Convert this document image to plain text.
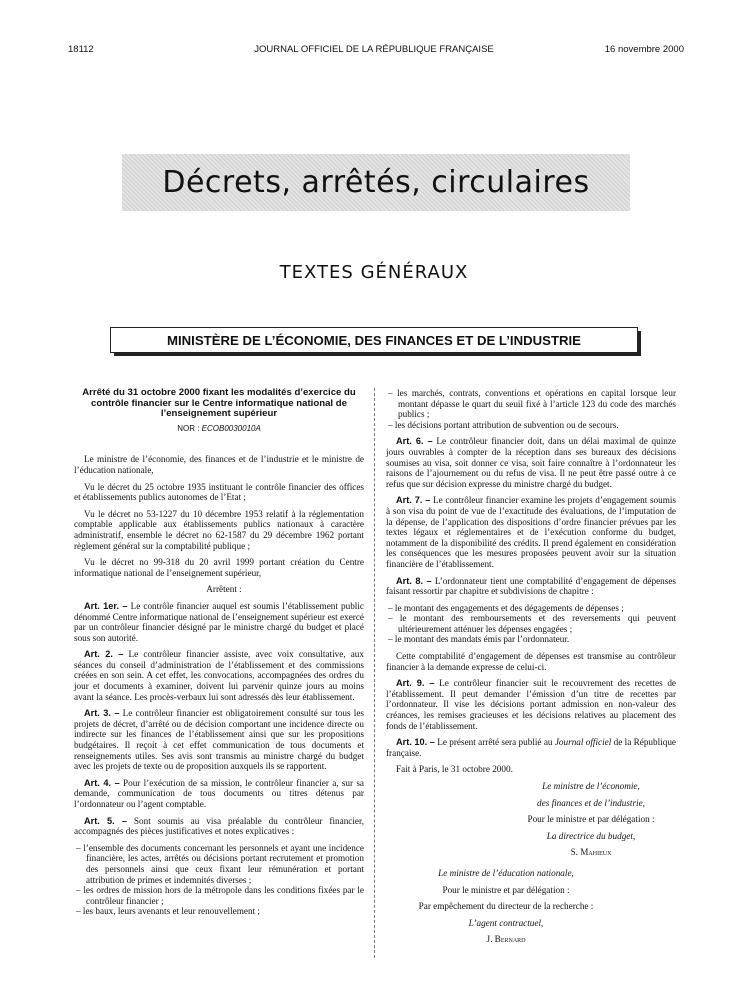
18112	JOURNAL OFFICIEL DE LA RÉPUBLIQUE FRANÇAISE	16 novembre 2000
Décrets, arrêtés, circulaires
TEXTES GÉNÉRAUX
MINISTÈRE DE L’ÉCONOMIE, DES FINANCES ET DE L’INDUSTRIE
Arrêté du 31 octobre 2000 fixant les modalités d’exercice du contrôle financier sur le Centre informatique national de l’enseignement supérieur
NOR : ECOB0030010A

Le ministre de l’économie, des finances et de l’industrie et le ministre de l’éducation nationale,

Vu le décret du 25 octobre 1935 instituant le contrôle financier des offices et établissements publics autonomes de l’Etat ;

Vu le décret no 53-1227 du 10 décembre 1953 relatif à la réglementation comptable applicable aux établissements publics nationaux à caractère administratif, ensemble le décret no 62-1587 du 29 décembre 1962 portant règlement général sur la comptabilité publique ;

Vu le décret no 99-318 du 20 avril 1999 portant création du Centre informatique national de l’enseignement supérieur,

Arrêtent :

Art. 1er. – Le contrôle financier auquel est soumis l’établissement public dénommé Centre informatique national de l’enseignement supérieur est exercé par un contrôleur financier désigné par le ministre chargé du budget et placé sous son autorité.

Art. 2. – Le contrôleur financier assiste, avec voix consultative, aux séances du conseil d’administration de l’établissement et des commissions créées en son sein. A cet effet, les convocations, accompagnées des ordres du jour et documents à examiner, doivent lui parvenir quinze jours au moins avant la séance. Les procès-verbaux lui sont adressés dès leur établissement.

Art. 3. – Le contrôleur financier est obligatoirement consulté sur tous les projets de décret, d’arrêté ou de décision comportant une incidence directe ou indirecte sur les finances de l’établissement ainsi que sur les propositions budgétaires. Il reçoit à cet effet communication de tous documents et renseignements utiles. Ses avis sont transmis au ministre chargé du budget avec les projets de texte ou de proposition auxquels ils se rapportent.

Art. 4. – Pour l’exécution de sa mission, le contrôleur financier a, sur sa demande, communication de tous documents ou titres détenus par l’ordonnateur ou l’agent comptable.

Art. 5. – Sont soumis au visa préalable du contrôleur financier, accompagnés des pièces justificatives et notes explicatives :

– l’ensemble des documents concernant les personnels et ayant une incidence financière, les actes, arrêtés ou décisions portant recrutement et promotion des personnels ainsi que ceux fixant leur rémunération et portant attribution de primes et indemnités diverses ;
– les ordres de mission hors de la métropole dans les conditions fixées par le contrôleur financier ;
– les baux, leurs avenants et leur renouvellement ;
– les marchés, contrats, conventions et opérations en capital lorsque leur montant dépasse le quart du seuil fixé à l’article 123 du code des marchés publics ;
– les décisions portant attribution de subvention ou de secours.

Art. 6. – Le contrôleur financier doit, dans un délai maximal de quinze jours ouvrables à compter de la réception dans ses bureaux des décisions soumises au visa, soit donner ce visa, soit faire connaître à l’ordonnateur les raisons de l’ajournement ou du refus de visa. Il ne peut être passé outre à ce refus que sur décision expresse du ministre chargé du budget.

Art. 7. – Le contrôleur financier examine les projets d’engagement soumis à son visa du point de vue de l’exactitude des évaluations, de l’imputation de la dépense, de l’application des dispositions d’ordre financier prévues par les textes légaux et réglementaires et de l’exécution conforme du budget, notamment de la disponibilité des crédits. Il prend également en considération les conséquences que les mesures proposées peuvent avoir sur la situation financière de l’établissement.

Art. 8. – L’ordonnateur tient une comptabilité d’engagement de dépenses faisant ressortir par chapitre et subdivisions de chapitre :

– le montant des engagements et des dégagements de dépenses ;
– le montant des remboursements et des reversements qui peuvent ultérieurement atténuer les dépenses engagées ;
– le montant des mandats émis par l’ordonnateur.

Cette comptabilité d’engagement de dépenses est transmise au contrôleur financier à la demande expresse de celui-ci.

Art. 9. – Le contrôleur financier suit le recouvrement des recettes de l’établissement. Il peut demander l’émission d’un titre de recettes par l’ordonnateur. Il vise les décisions portant admission en non-valeur des créances, les remises gracieuses et les décisions relatives au placement des fonds de l’établissement.

Art. 10. – Le présent arrêté sera publié au Journal officiel de la République française.

Fait à Paris, le 31 octobre 2000.

Le ministre de l’économie,

des finances et de l’industrie,

Pour le ministre et par délégation :

La directrice du budget,

S. Mahieux

Le ministre de l’éducation nationale,

Pour le ministre et par délégation :

Par empêchement du directeur de la recherche :

L’agent contractuel,

J. Bernard
